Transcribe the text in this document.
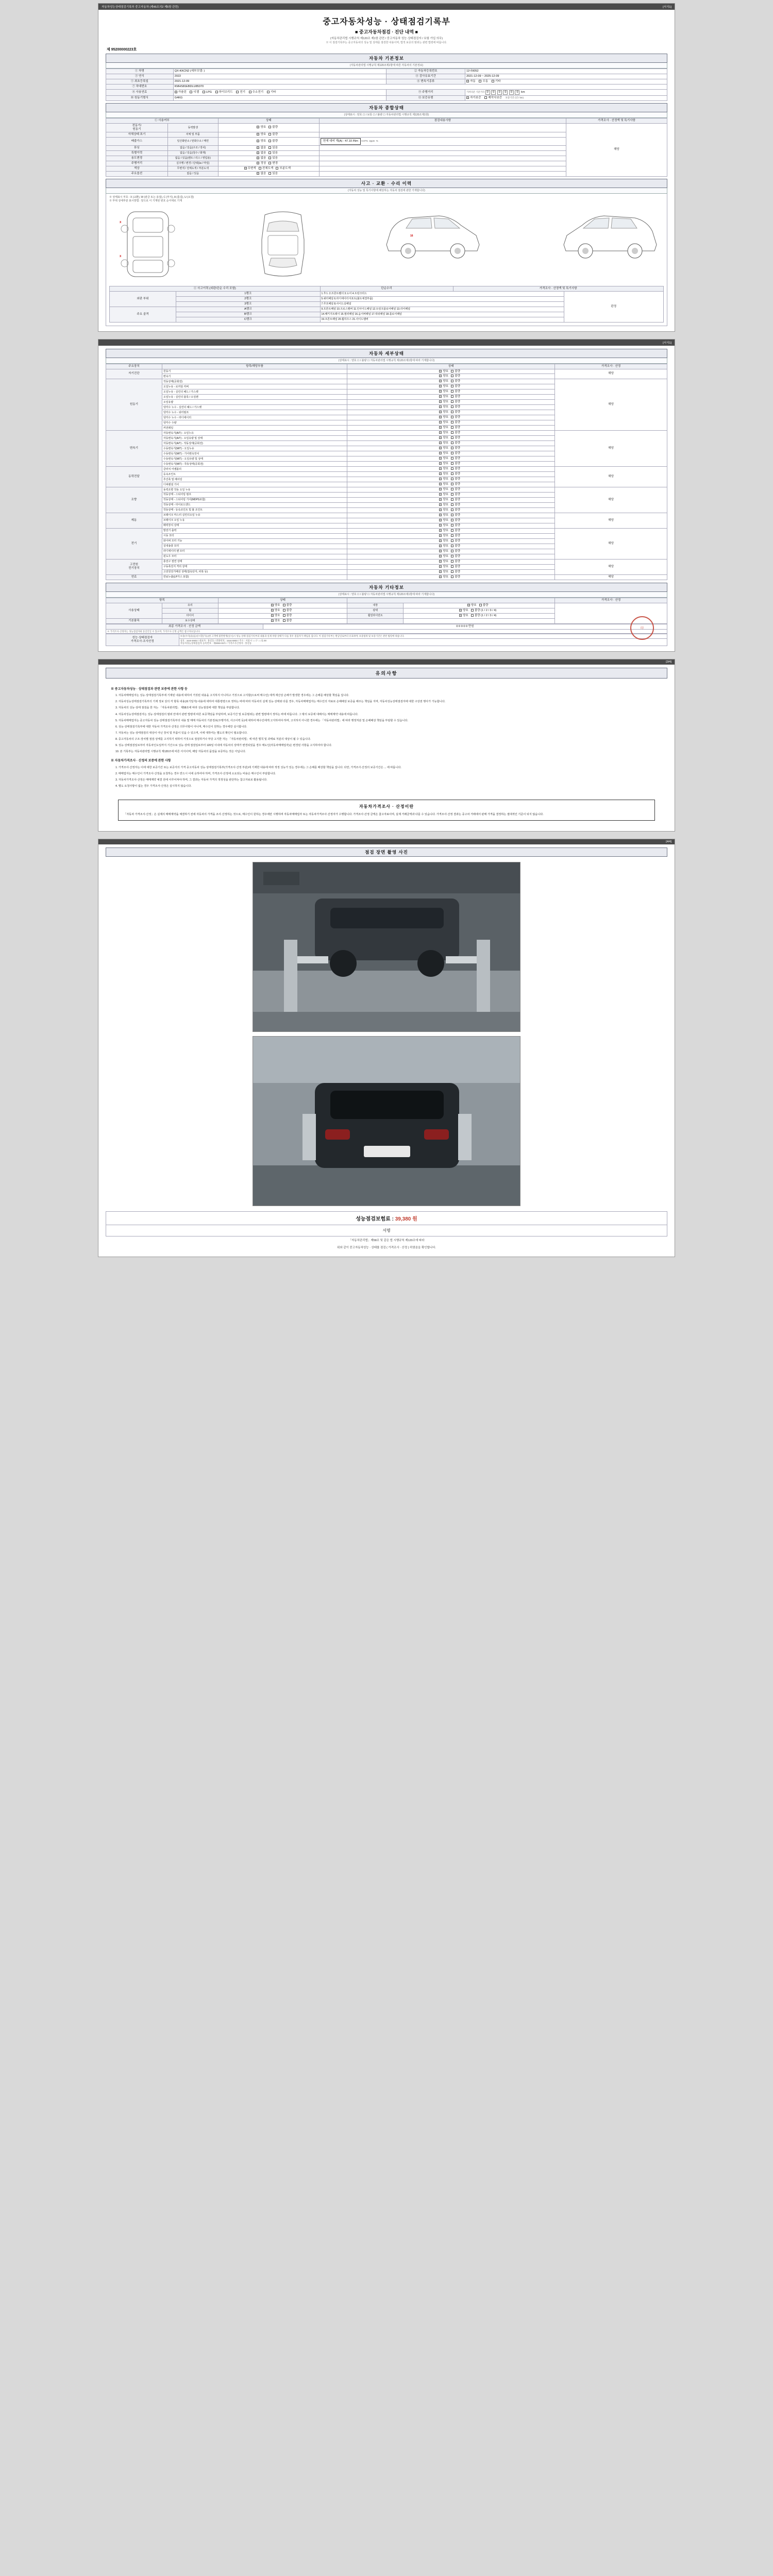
자동차성능상태점검기록부 중고자동차 (제45조의2 제5항 관련)	[서식1]
중고자동차성능 · 상태점검기록부
■ 중고자동차점검 · 진단 내역 ■
(자동차관리법 시행규칙 제120조 제1항 관련 / 중고자동차 성능·상태점검자 / 보험 가입 의무)
※ 이 점검기록부는 중고자동차의 성능 및 상태를 점검한 내용이며, 법적 보증의 범위는 관련 법령에 따릅니다.
제 95200000223호
자동차 기본정보
(자동차관리법 시행규칙 제120조제1항에 따른 자동차의 기본정보)
① 차명	QX-KKCN2 (세부모델: )	② 자동차등록번호	11나0052
③ 연식	2022	④ 검사유효기간	2021-12-09 ~ 2025-12-09
⑤ 최초등록일	2021-12-09	⑥ 변속기종류	자동 수동 기타
⑦ 차대번호	KMHS81EBDLU85370		
⑧ 사용연료	가솔린 디젤 LPG 하이브리드 전기 수소전기 기타	⑨ 주행거리	가져다준 기준거리 0 0 0 0 0 0 km
⑩ 원동기형식	G4KG	⑪ 보증유형	자가보증 제작사보증 보증기간 (년 / km)
자동차 종합상태
(상태표시 : 양호 ☐ / 보통 ☐ / 불량 ☐ 자동차관리법 시행규칙 제120조제1항)
① 사용여부		상태	점검내용사항	가격조사 · 산정액 및 특기사항
전동기/
원동기	동력발생	양호 불량		해당
자체상태 표기	차체 및 부품	양호 불량		
배출가스	일산화탄소 / 탄화수소 / 매연	양호 불량	현재 대비 계(A) : 47.10 /Nm 0.07%  2ppm  %	
튜닝	없음 / 있음(구조 / 장치)	없음 있음		
특별이력	없음 / 있음(침수 / 화재)	없음 있음		
용도변경	없음 / 있음(렌트 / 리스 / 영업용)	없음 있음		
주행거리	실주행 / 변경 / 단위(㎞ / 마일)	정상 변경		
색상	무변색 / 전체도색 / 부분도색	무변색 전체도색 부분도색		
주요옵션	없음 / 있음	없음 있음		
사고 · 교환 · 수리 이력
(자동차 성능 및 특기사항에 해당하는 자동차 점검에 관한 기재합니다)
※ 상태표시 부호 : X (교환), W (판금 또는 용접), C (부식), A (흠집), U (요철)
※ 부위 상세부분 표시방법 : 앞으로 이 기재된 번호 순서대로 기재
X
X
16
① 사고이력 (외판/단순 수리 포함)		단순수리	가격조사 · 산정액 및 특기사항	
외판 부위	1랭크	1.후드 2.프론트휀더 3.도어 4.트렁크리드		판정
	2랭크	5.쿼터패널 6.라디에이터서포트(볼트체결부품)		
	3랭크	7.루프패널 8.사이드실패널		
주요 골격	A랭크	9.프론트패널 10.크로스멤버 11.인사이드패널 12.트렁크플로어패널 13.리어패널		
	B랭크	14.패키지트레이 15.필러패널 16.옵서버패널 17.대쉬패널 18.플로어패널		
	C랭크	19.프론트패널 20.휠하우스 21.사이드멤버		
[서식1]
자동차 세부상태
(상태표시 : 양호 ☐ / 불량 ☐ 자동차관리법 시행규칙 제120조제1항에 따라 기재합니다)
주요장치	항목/해당부품	상태	가격조사 · 산정
자기진단	원동기	양호 불량	해당
	변속기	양호 불량	
원동기	작동상태(공회전)	양호 불량	해당
	오일누유 - 로커암 커버	양호 불량	
	오일누유 - 실린더 헤드 / 가스켓	양호 불량	
	오일누유 - 실린더 블록 / 오일팬	양호 불량	
	오일유량	양호 불량	
	냉각수 누수 - 실린더 헤드 / 가스켓	양호 불량	
	냉각수 누수 - 워터펌프	양호 불량	
	냉각수 누수 - 라디에이터	양호 불량	
	냉각수 수량	양호 불량	
	커먼레일	양호 불량	
변속기	자동변속기(A/T) - 오일누유	양호 불량	해당
	자동변속기(A/T) - 오일유량 및 상태	양호 불량	
	자동변속기(A/T) - 작동상태(공회전)	양호 불량	
	수동변속기(M/T) - 오일누유	양호 불량	
	수동변속기(M/T) - 기어변속장치	양호 불량	
	수동변속기(M/T) - 오일유량 및 상태	양호 불량	
	수동변속기(M/T) - 작동상태(공회전)	양호 불량	
동력전달	클러치 어셈블리	양호 불량	해당
	등속조인트	양호 불량	
	추진축 및 베어링	양호 불량	
	디퍼렌셜 기어	양호 불량	
조향	동력조향 작동 오일 누유	양호 불량	해당
	작동상태 - 스티어링 펌프	양호 불량	
	작동상태 - 스티어링 기어(MDPS포함)	양호 불량	
	작동상태 - 타이로드엔드	양호 불량	
	작동상태 - 등속조인트 및 볼 조인트	양호 불량	
제동	브레이크 마스터 실린더오일 누유	양호 불량	해당
	브레이크 오일 누유	양호 불량	
	배력장치 상태	양호 불량	
전기	발전기 출력	양호 불량	해당
	시동 모터	양호 불량	
	와이퍼 모터 기능	양호 불량	
	실내송풍 모터	양호 불량	
	라디에이터 팬 모터	양호 불량	
	윈도우 모터	양호 불량	
고전원
전기장치	충전구 절연 상태	양호 불량	해당
	구동축전지 격리 상태	양호 불량	
	고전원전기배선 상태(접속단자, 피복 등)	양호 불량	
연료	연료누출(LP가스 포함)	양호 불량	해당
자동차 기타정보
(상태표시 : 양호 ☐ / 불량 ☐ 자동차관리법 시행규칙 제120조제1항에 따라 기재합니다)
항목		상태			가격조사 · 산정
사용상태	유리	양호 불량	내장	양호 불량	
	휠	양호 불량	광택	양호 불량 (1 / 2 / 3 / 4)	
	타이어	양호 불량	휠얼라이먼트	양호 불량 (1 / 2 / 3 / 4)	
기본품목	보수상태	양호 불량			
최종 가격조사 · 산정 금액	0 0 0 0 0 만원
※ 가격조사·산정자는 성능점검자와 동일인일 수 있으며, 가격조사·산정 금액은 참고자료입니다.
성능·상태점검자
가격조사·조사산정
	보증(수리)을(를)실시할(가능)한 고객에 불만발생(실시)시 성능·상태 점검기록부의 내용과 실제 차량 상태가 다를 경우 점검자가 책임을 집니다. 이 점검기록부는 발급일로부터 유효하며, 보증범위 및 보증기간은 관련 법령에 따릅니다.

상호 : 1644-5903 / 대표자 : 홍길동 / 전화번호 : 1644-5903 / 주소 : 서울시 ○○구 ○○로 00
자동차성능상태점검자 등록번호 : 제0000-00호 / 가격조사산정자 : 홍길동
印
[3/4]
유의사항
※ 중고자동차성능 · 상태점검과 관련 보증에 관한 사항 등

1. 자동차매매업자는 성능·상태점검기록부에 기재된 내용에 대하여 거짓된 내용을 고지하지 아니하고 거짓으로 고지할(으로써 매수인) 에게 재산상 손해가 발생한 경우에는 그 손해를 배상할 책임을 집니다.

2. 자동차성능상태점검기록부의 기재 정보 상의 각 항목 내용(표기일자)·내용에 대하여 대통령령으로 정하는 바에 따라 자동차의 실제 성능·상태와 다를 경우, 자동차매매업자는 매수인의 자료로 손해배상 보증을 해주는 책임을 지며, 자동차성능상태점검자에 대한 구상권 행사가 가능합니다.

3. 자동차의 성능·상태 점검을 한 자는 「자동차관리법」 제58조에 따라 성능점검에 대한 책임을 부담합니다.

4. 자동차성능상태점검자는 성능·상태점검의 범위 안에서 관련 법령에 따른 보증책임을 부담하며, 보증기간 및 보증범위는 관련 법령에서 정하는 바에 따릅니다. 그 밖의 보증에 대해서는 매매계약 내용에 따릅니다.

5. 자동차매매업자는 중고자동차 성능·상태점검기록부의 내용 및 매매 자동차의 기본정보(주행거리, 사고이력 등)에 대하여 매수인에게 고지하여야 하며, 고지하지 아니한 경우에는 「자동차관리법」에 따라 행정처분 및 손해배상 책임을 부담할 수 있습니다.

6. 성능·상태점검기록부에 대한 자동차 가격조사·산정은 의무사항이 아니며, 매수인이 원하는 경우에만 실시합니다.

7. 자동차는 성능·상태점검의 대상이 아닌 장치 및 부품이 있을 수 있으며, 이에 대하여는 별도의 확인이 필요합니다.

8. 중고자동차의 구조·장치별 점검·상태를 고지하기 위하여 거짓으로 점검하거나 부당 고지한 자는 「자동차관리법」에 따른 벌칙 및 과태료 처분의 대상이 될 수 있습니다.

9. 성능·상태점검일로부터 자동차인도일까지 기간으로 성능·상태 점검일로부터 120일 이내에 자동차의 상태가 변경되었을 경우 매도인(자동차매매업자)은 변경된 사항을 고지하여야 합니다.

10. 본 기록부는 자동차관리법 시행규칙 제120조에 따른 서식이며, 해당 자동차의 품질을 보증하는 것은 아닙니다.

※ 자동차가격조사 · 산정의 보증에 관한 사항

1. 가격조사·산정자는 이에 대한 보증기간 또는 보증지의 가격 중고자동차 성능·상태점검기록부(가격조사·산정 부분)에 기재한 내용에 따라 적정 성능가 있는 경우에는 그 손해를 배상할 책임을 집니다. 다만, 가격조사·산정의 보증기간은 ... 에 따릅니다.

2. 매매업자는 매수인이 가격조사·산정을 요청하는 경우 반드시 이에 응하여야 하며, 가격조사·산정에 소요되는 비용은 매수인이 부담합니다.

3. 자동차가격조사·산정은 매매계약 체결 전에 이루어져야 하며, 그 결과는 자동차 가격의 적정성을 판단하는 참고자료로 활용됩니다.

4. 별도 요청사항이 없는 경우 가격조사·산정은 실시하지 않습니다.

자동차가격조사 · 산정이란
「자동차 가격조사·산정」은 실제의 매매계약을 체결하기 전에 자동차의 가격을 조사·산정하는 것으로, 매수인이 원하는 경우에만 시행하며 자동차매매업자 또는 자동차가격조사·산정자가 수행합니다. 가격조사·산정 금액은 참고자료이며, 실제 거래금액과 다를 수 있습니다. 가격조사·산정 결과는 중고차 거래에서 판매 가격을 결정하는 절대적인 기준이 되지 않습니다.
[4/4]
점검 장면 촬영 사진
성능점검보험료 : 39,380 원
서명
「자동차관리법」제58조 및 같은 법 시행규칙 제120조에 따라
위와 같이 중고자동차성능 · 상태를 점검 ( 가격조사 · 산정 ) 하였음을 확인합니다.
